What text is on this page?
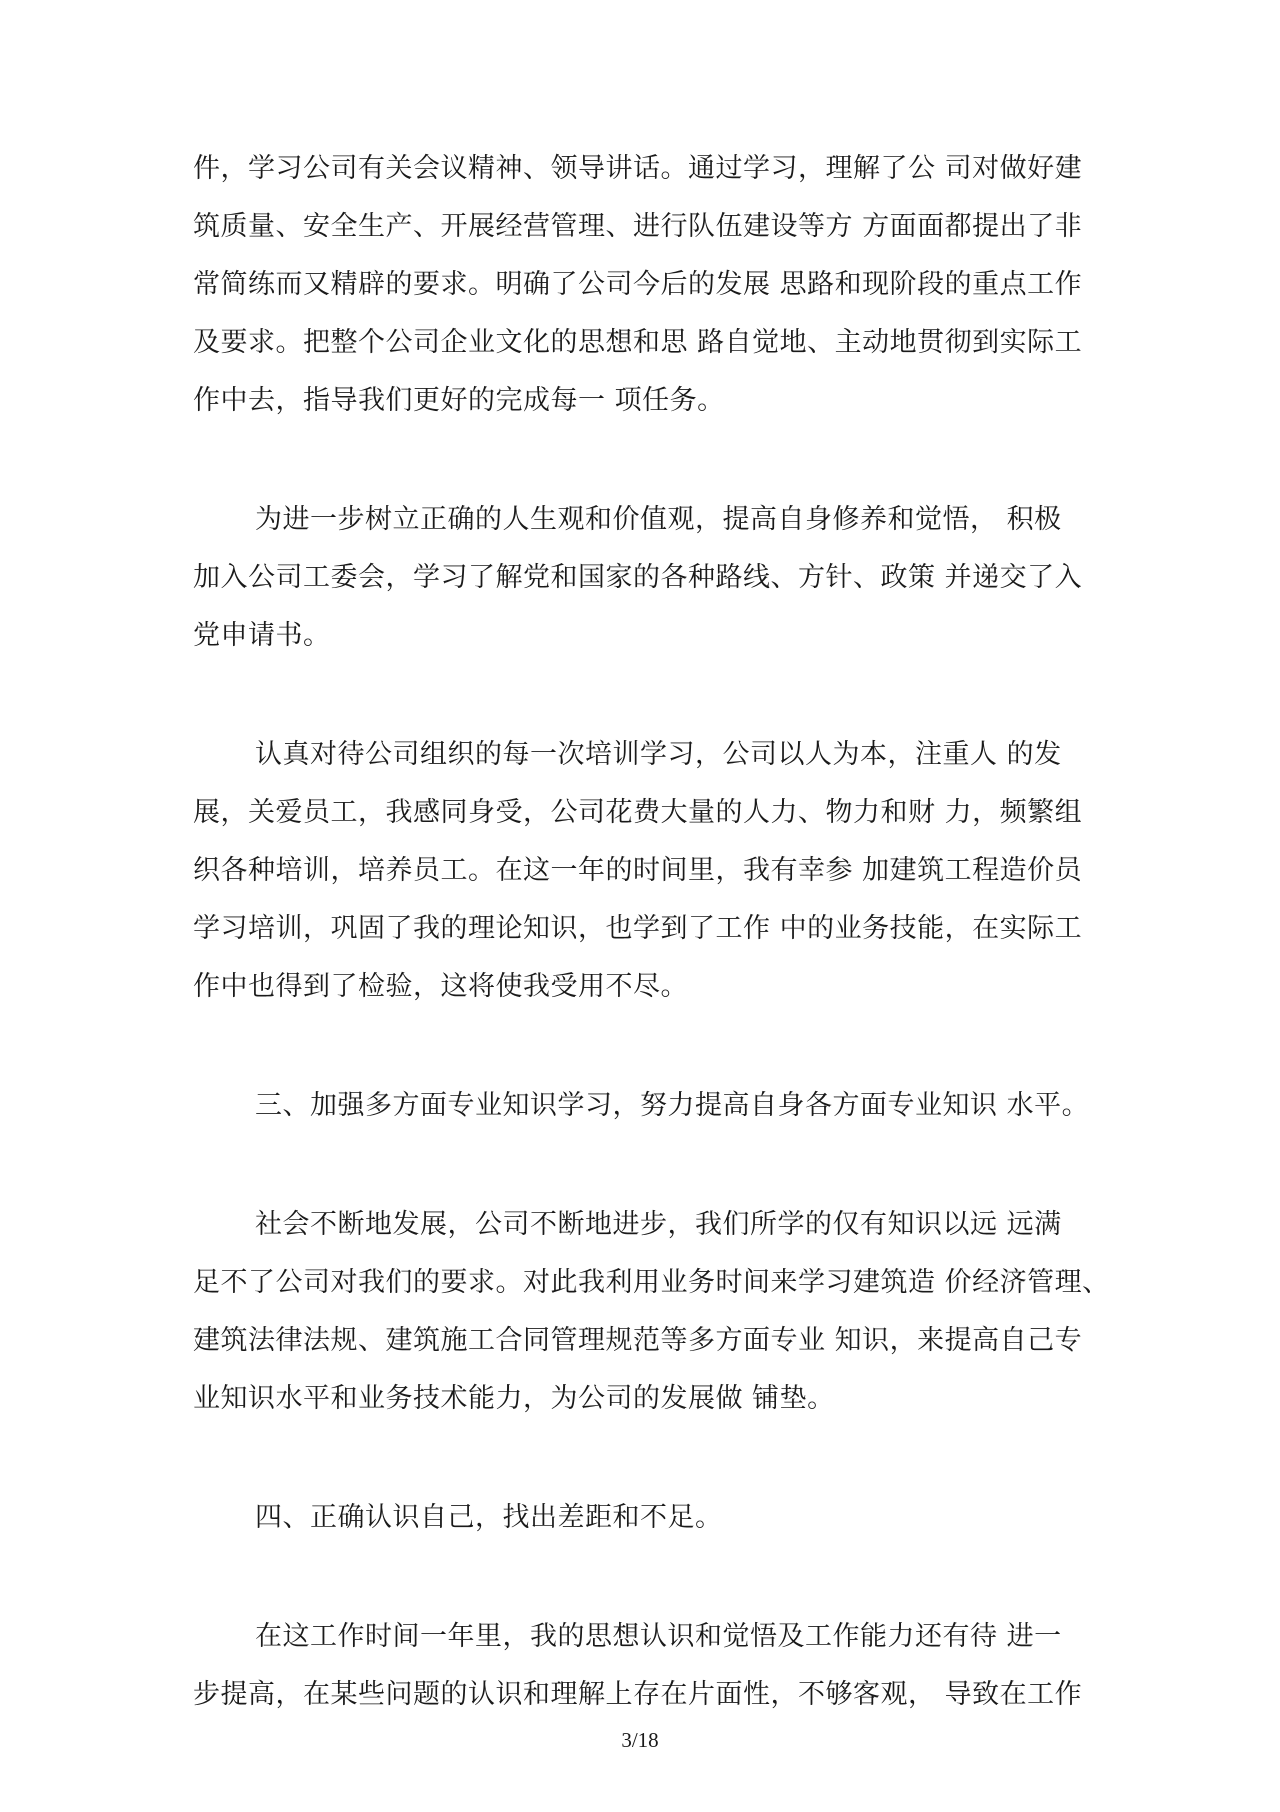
件，学习公司有关会议精神、领导讲话。通过学习，理解了公 司对做好建
筑质量、安全生产、开展经营管理、进行队伍建设等方 方面面都提出了非
常简练而又精辟的要求。明确了公司今后的发展 思路和现阶段的重点工作
及要求。把整个公司企业文化的思想和思 路自觉地、主动地贯彻到实际工
作中去，指导我们更好的完成每一 项任务。
为进一步树立正确的人生观和价值观，提高自身修养和觉悟， 积极
加入公司工委会，学习了解党和国家的各种路线、方针、政策 并递交了入
党申请书。
认真对待公司组织的每一次培训学习，公司以人为本，注重人 的发
展，关爱员工，我感同身受，公司花费大量的人力、物力和财 力，频繁组
织各种培训，培养员工。在这一年的时间里，我有幸参 加建筑工程造价员
学习培训，巩固了我的理论知识，也学到了工作 中的业务技能，在实际工
作中也得到了检验，这将使我受用不尽。
三、加强多方面专业知识学习，努力提高自身各方面专业知识 水平。
社会不断地发展，公司不断地进步，我们所学的仅有知识以远 远满
足不了公司对我们的要求。对此我利用业务时间来学习建筑造 价经济管理、
建筑法律法规、建筑施工合同管理规范等多方面专业 知识，来提高自己专
业知识水平和业务技术能力，为公司的发展做 铺垫。
四、正确认识自己，找出差距和不足。
在这工作时间一年里，我的思想认识和觉悟及工作能力还有待 进一
步提高，在某些问题的认识和理解上存在片面性，不够客观， 导致在工作
3/18
